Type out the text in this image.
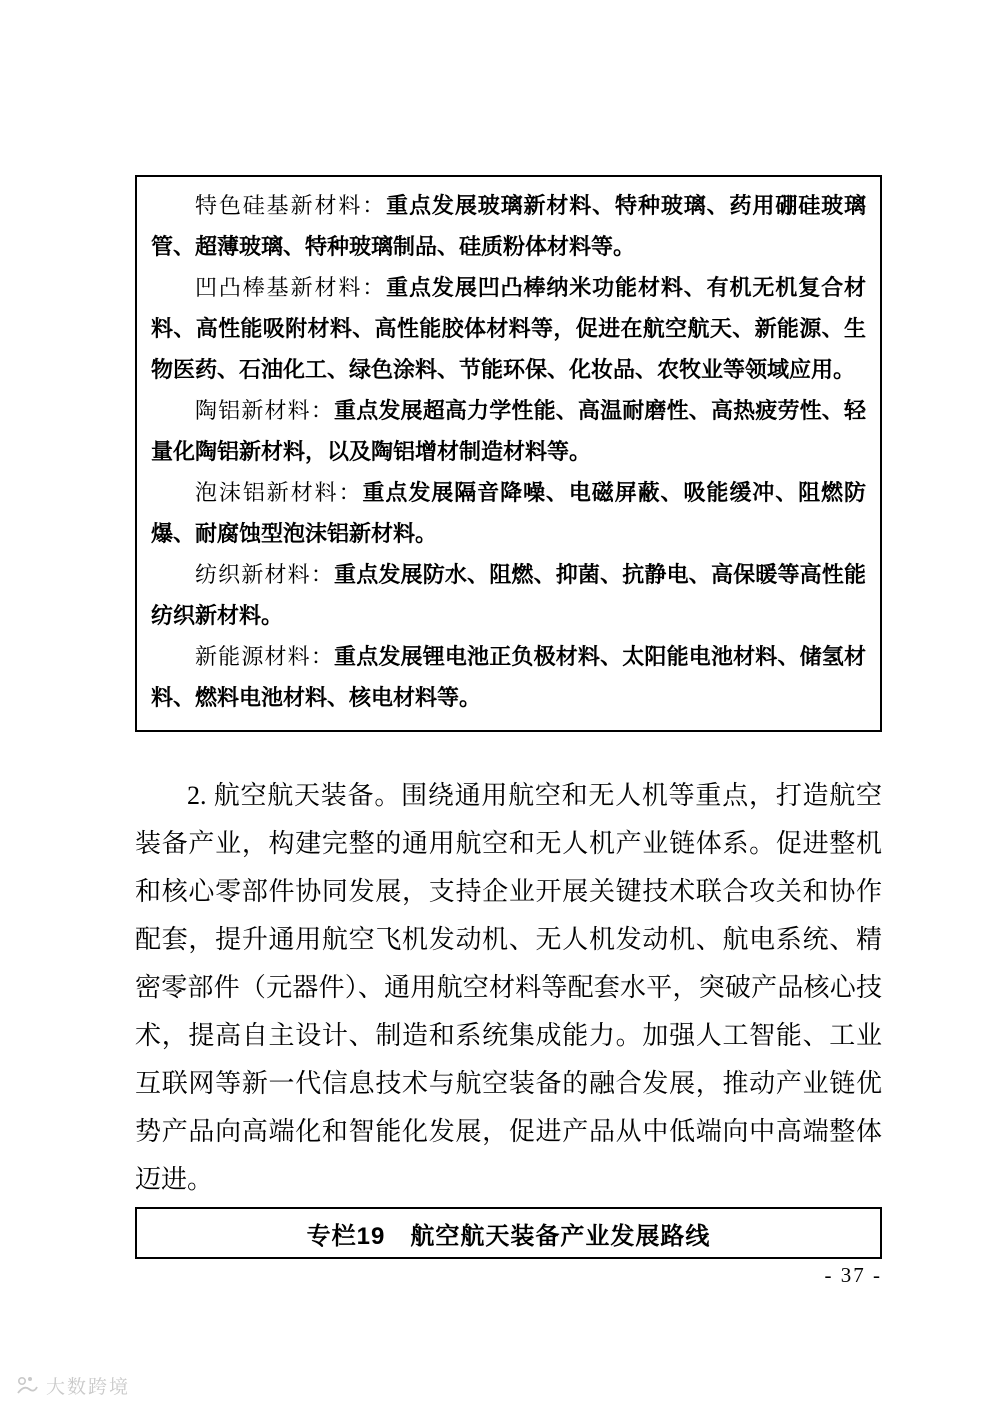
特色硅基新材料：重点发展玻璃新材料、特种玻璃、药用硼硅玻璃管、超薄玻璃、特种玻璃制品、硅质粉体材料等。

凹凸棒基新材料：重点发展凹凸棒纳米功能材料、有机无机复合材料、高性能吸附材料、高性能胶体材料等，促进在航空航天、新能源、生物医药、石油化工、绿色涂料、节能环保、化妆品、农牧业等领域应用。

陶铝新材料：重点发展超高力学性能、高温耐磨性、高热疲劳性、轻量化陶铝新材料，以及陶铝增材制造材料等。

泡沫铝新材料：重点发展隔音降噪、电磁屏蔽、吸能缓冲、阻燃防爆、耐腐蚀型泡沫铝新材料。

纺织新材料：重点发展防水、阻燃、抑菌、抗静电、高保暖等高性能纺织新材料。

新能源材料：重点发展锂电池正负极材料、太阳能电池材料、储氢材料、燃料电池材料、核电材料等。

2. 航空航天装备。围绕通用航空和无人机等重点，打造航空装备产业，构建完整的通用航空和无人机产业链体系。促进整机和核心零部件协同发展，支持企业开展关键技术联合攻关和协作配套，提升通用航空飞机发动机、无人机发动机、航电系统、精密零部件（元器件）、通用航空材料等配套水平，突破产品核心技术，提高自主设计、制造和系统集成能力。加强人工智能、工业互联网等新一代信息技术与航空装备的融合发展，推动产业链优势产品向高端化和智能化发展，促进产品从中低端向中高端整体迈进。

专栏19　航空航天装备产业发展路线
- 37 -
大数跨境
